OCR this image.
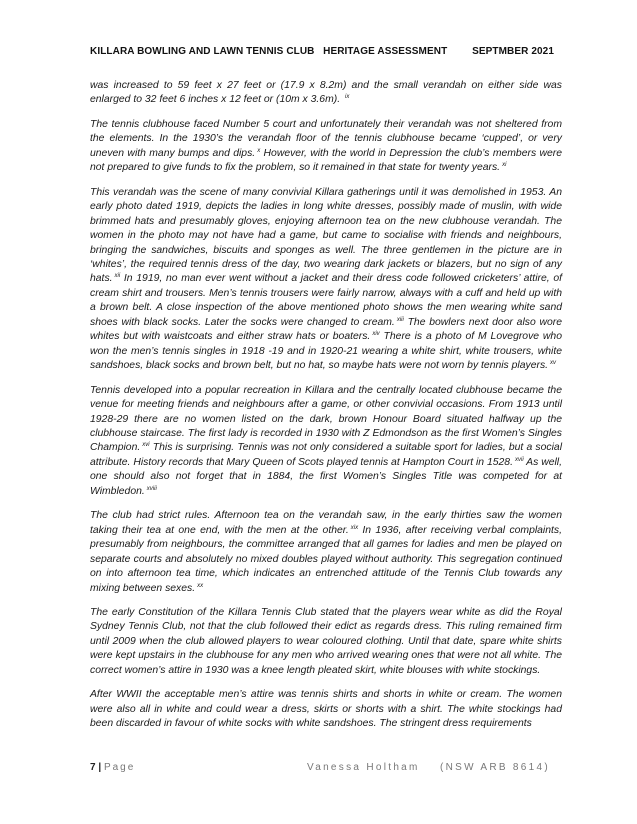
KILLARA BOWLING AND LAWN TENNIS CLUB   HERITAGE ASSESSMENT SEPTMBER 2021

was increased to 59 feet x 27 feet or (17.9 x 8.2m) and the small verandah on either side was enlarged to 32 feet 6 inches x 12 feet or (10m x 3.6m). $^{ix}$

The tennis clubhouse faced Number 5 court and unfortunately their verandah was not sheltered from the elements. In the 1930’s the verandah floor of the tennis clubhouse became ‘cupped’, or very uneven with many bumps and dips. $^x$ However, with the world in Depression the club’s members were not prepared to give funds to fix the problem, so it remained in that state for twenty years. $^{xi}$

This verandah was the scene of many convivial Killara gatherings until it was demolished in 1953. An early photo dated 1919, depicts the ladies in long white dresses, possibly made of muslin, with wide brimmed hats and presumably gloves, enjoying afternoon tea on the new clubhouse verandah. The women in the photo may not have had a game, but came to socialise with friends and neighbours, bringing the sandwiches, biscuits and sponges as well. The three gentlemen in the picture are in ‘whites’, the required tennis dress of the day, two wearing dark jackets or blazers, but no sign of any hats. $^{xii}$ In 1919, no man ever went without a jacket and their dress code followed cricketers’ attire, of cream shirt and trousers. Men’s tennis trousers were fairly narrow, always with a cuff and held up with a brown belt. A close inspection of the above mentioned photo shows the men wearing white sand shoes with black socks. Later the socks were changed to cream. $^{xiii}$ The bowlers next door also wore whites but with waistcoats and either straw hats or boaters. $^{xiv}$ There is a photo of M Lovegrove who won the men’s tennis singles in 1918 -19 and in 1920-21 wearing a white shirt, white trousers, white sandshoes, black socks and brown belt, but no hat, so maybe hats were not worn by tennis players. $^{xv}$

Tennis developed into a popular recreation in Killara and the centrally located clubhouse became the venue for meeting friends and neighbours after a game, or other convivial occasions. From 1913 until 1928-29 there are no women listed on the dark, brown Honour Board situated halfway up the clubhouse staircase. The first lady is recorded in 1930 with Z Edmondson as the first Women’s Singles Champion. $^{xvi}$ This is surprising. Tennis was not only considered a suitable sport for ladies, but a social attribute. History records that Mary Queen of Scots played tennis at Hampton Court in 1528. $^{xvii}$ As well, one should also not forget that in 1884, the first Women’s Singles Title was competed for at Wimbledon. $^{xviii}$

The club had strict rules. Afternoon tea on the verandah saw, in the early thirties saw the women taking their tea at one end, with the men at the other. $^{xix}$ In 1936, after receiving verbal complaints, presumably from neighbours, the committee arranged that all games for ladies and men be played on separate courts and absolutely no mixed doubles played without authority. This segregation continued on into afternoon tea time, which indicates an entrenched attitude of the Tennis Club towards any mixing between sexes. $^{xx}$

The early Constitution of the Killara Tennis Club stated that the players wear white as did the Royal Sydney Tennis Club, not that the club followed their edict as regards dress. This ruling remained firm until 2009 when the club allowed players to wear coloured clothing. Until that date, spare white shirts were kept upstairs in the clubhouse for any men who arrived wearing ones that were not all white. The correct women’s attire in 1930 was a knee length pleated skirt, white blouses with white stockings.

After WWII the acceptable men’s attire was tennis shirts and shorts in white or cream. The women were also all in white and could wear a dress, skirts or shorts with a shirt. The white stockings had been discarded in favour of white socks with white sandshoes. The stringent dress requirements

7 | Page	Vanessa Holtham    (NSW ARB 8614)
